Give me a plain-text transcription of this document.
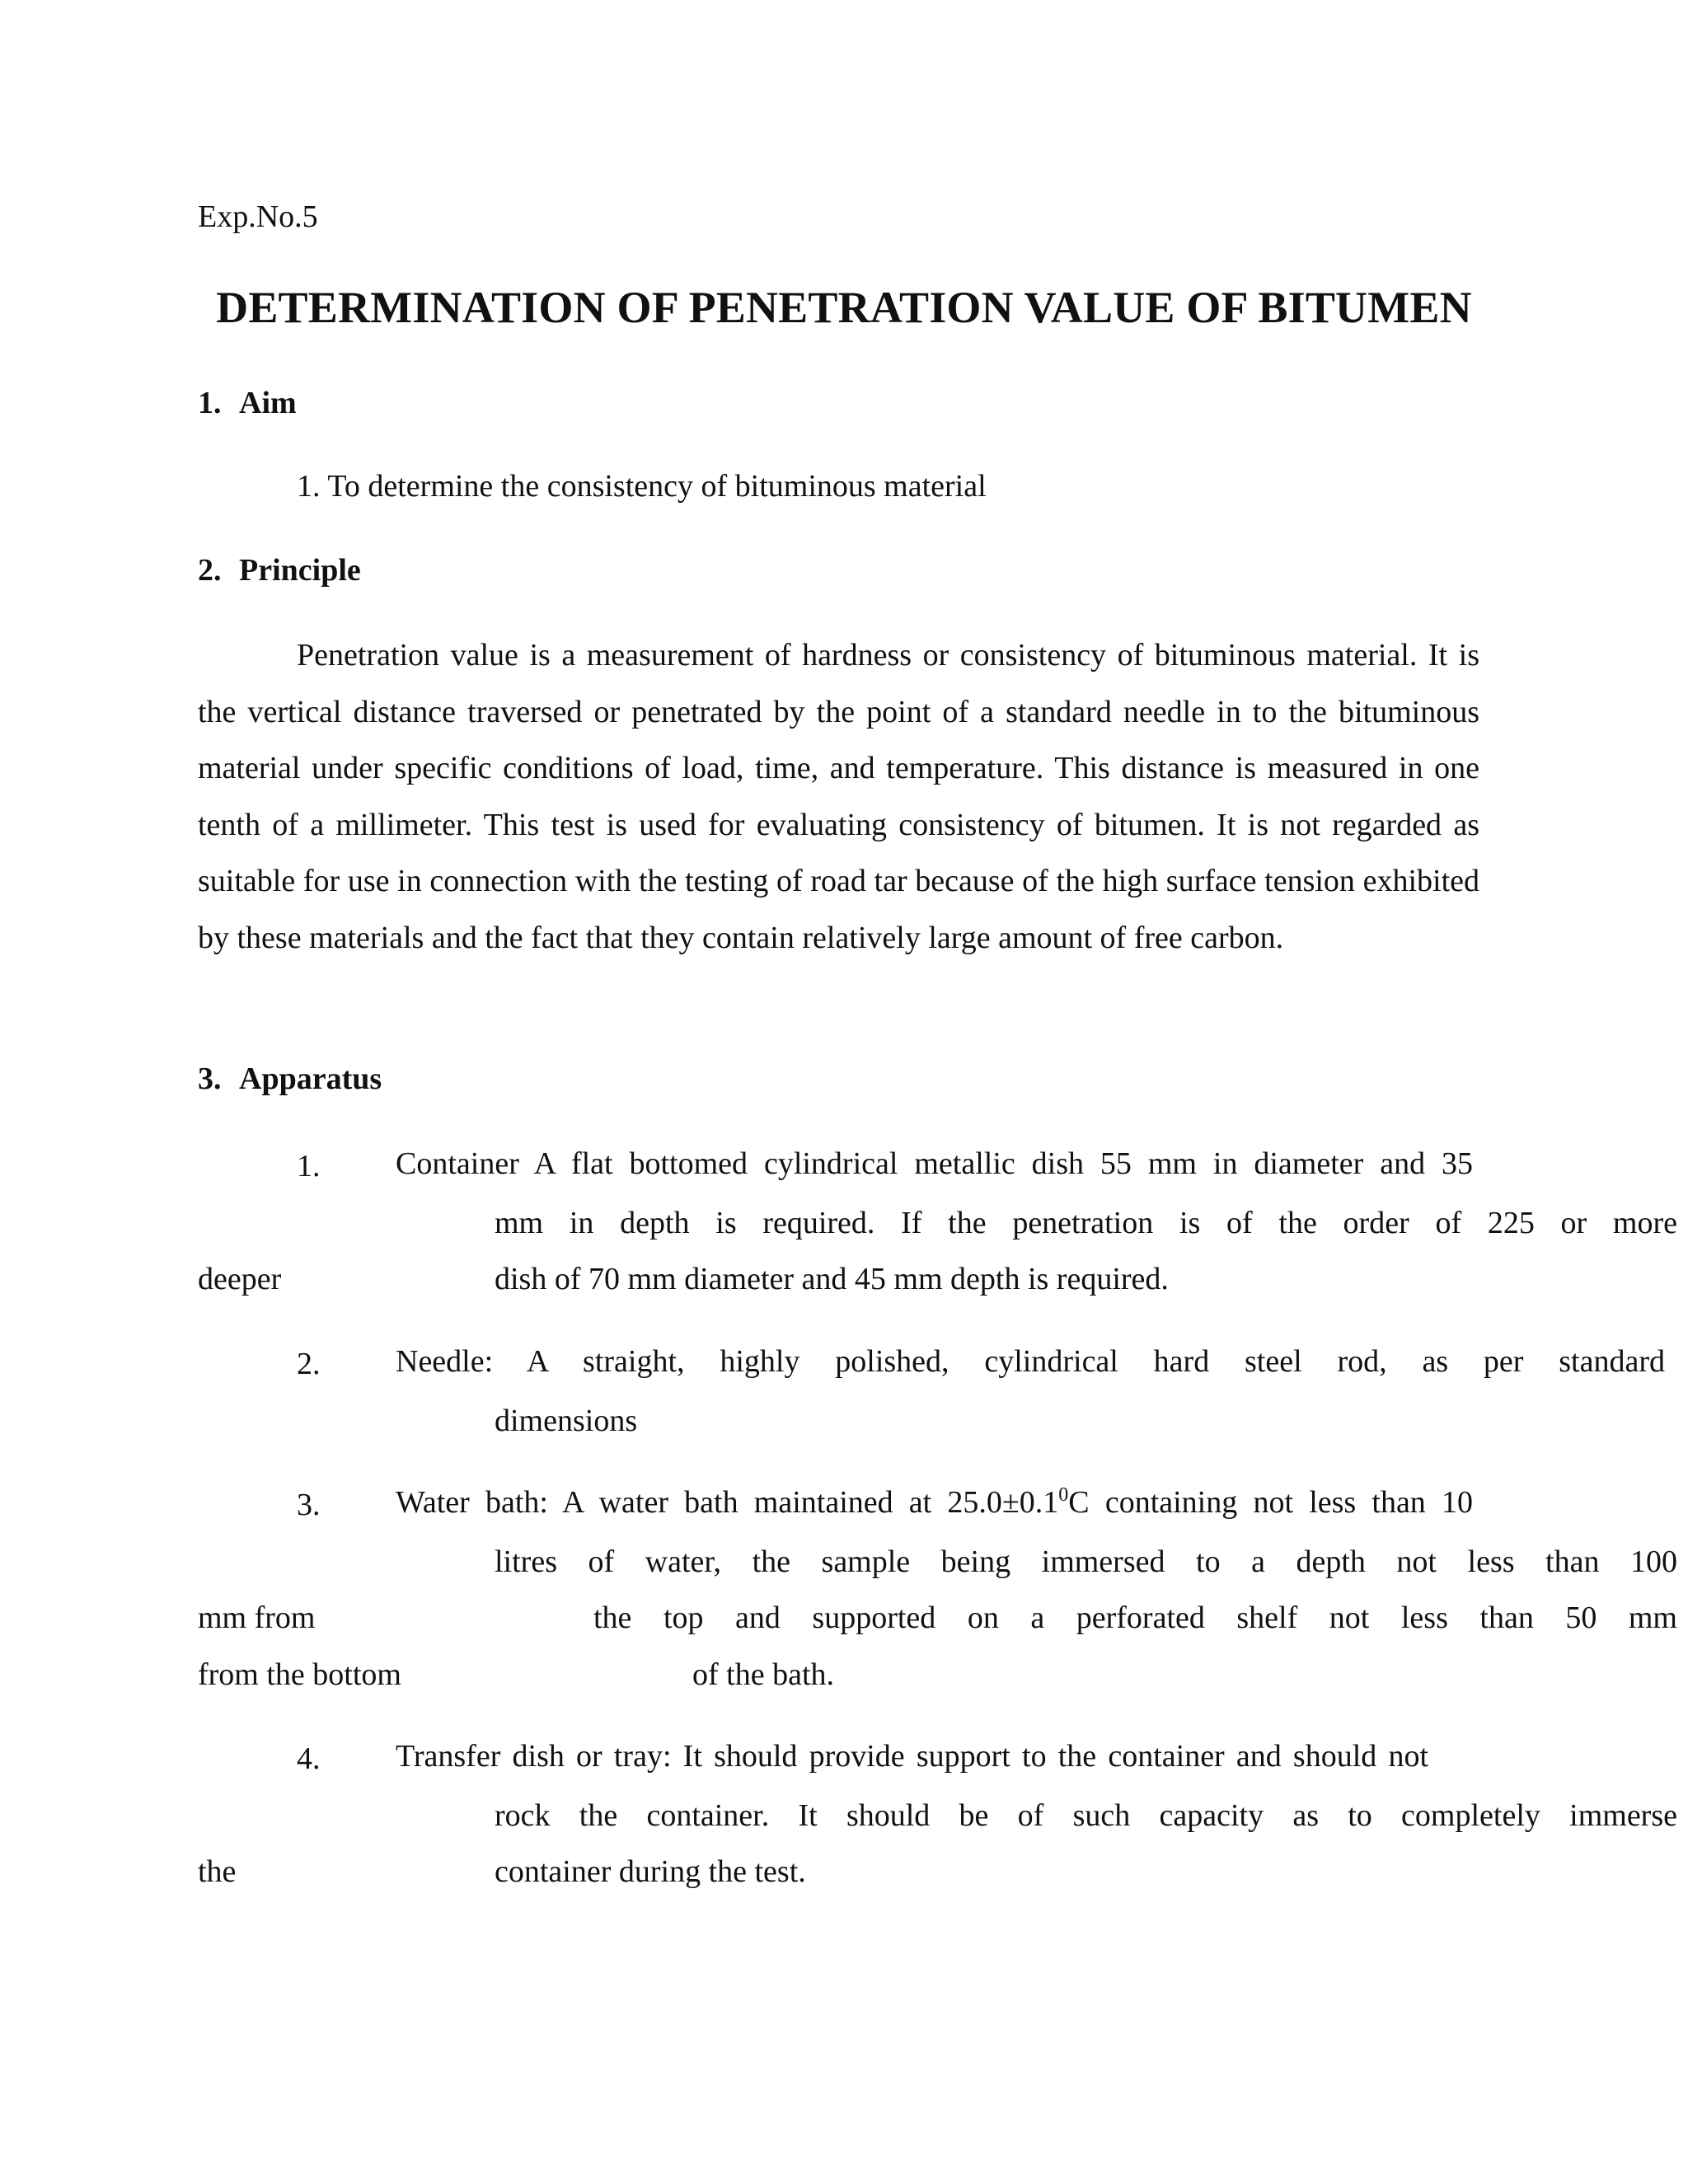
Exp.No.5

DETERMINATION OF PENETRATION VALUE OF BITUMEN
1. Aim

1. To determine the consistency of bituminous material

2. Principle

Penetration value is a measurement of hardness or consistency of bituminous material. It is the vertical distance traversed or penetrated by the point of a standard needle in to the bituminous material under specific conditions of load, time, and temperature. This distance is measured in one tenth of a millimeter. This test is used for evaluating consistency of bitumen. It is not regarded as suitable for use in connection with the testing of road tar because of the high surface tension exhibited by these materials and the fact that they contain relatively large amount of free carbon.

3. Apparatus
1. Container A flat bottomed cylindrical metallic dish 55 mm in diameter and 35
mm in depth is required. If the penetration is of the order of 225 or more
deeper	dish of 70 mm diameter and 45 mm depth is required.
2. Needle: A straight, highly polished, cylindrical hard steel rod, as per standard
dimensions
3. Water bath: A water bath maintained at $25.0\pm 0.1^0C$ containing not less than 10
litres of water, the sample being immersed to a depth not less than 100
mm from	the top and supported on a perforated shelf not less than 50 mm
from the bottom	of the bath.
4. Transfer dish or tray: It should provide support to the container and should not
rock the container. It should be of such capacity as to completely immerse
the	container during the test.
